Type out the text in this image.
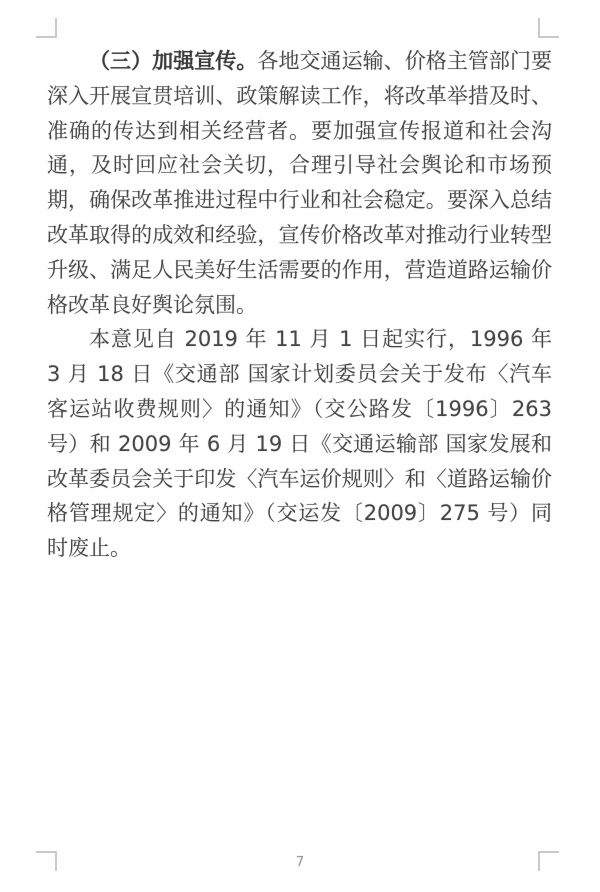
（三）加强宣传。各地交通运输、价格主管部门要深入开展宣贯培训、政策解读工作，将改革举措及时、准确的传达到相关经营者。要加强宣传报道和社会沟通，及时回应社会关切，合理引导社会舆论和市场预期，确保改革推进过程中行业和社会稳定。要深入总结改革取得的成效和经验，宣传价格改革对推动行业转型升级、满足人民美好生活需要的作用，营造道路运输价格改革良好舆论氛围。

本意见自 2019 年 11 月 1 日起实行，1996 年 3 月 18 日《交通部 国家计划委员会关于发布〈汽车客运站收费规则〉的通知》（交公路发〔1996〕263 号）和 2009 年 6 月 19 日《交通运输部 国家发展和改革委员会关于印发〈汽车运价规则〉和〈道路运输价格管理规定〉的通知》（交运发〔2009〕275 号）同时废止。

7
